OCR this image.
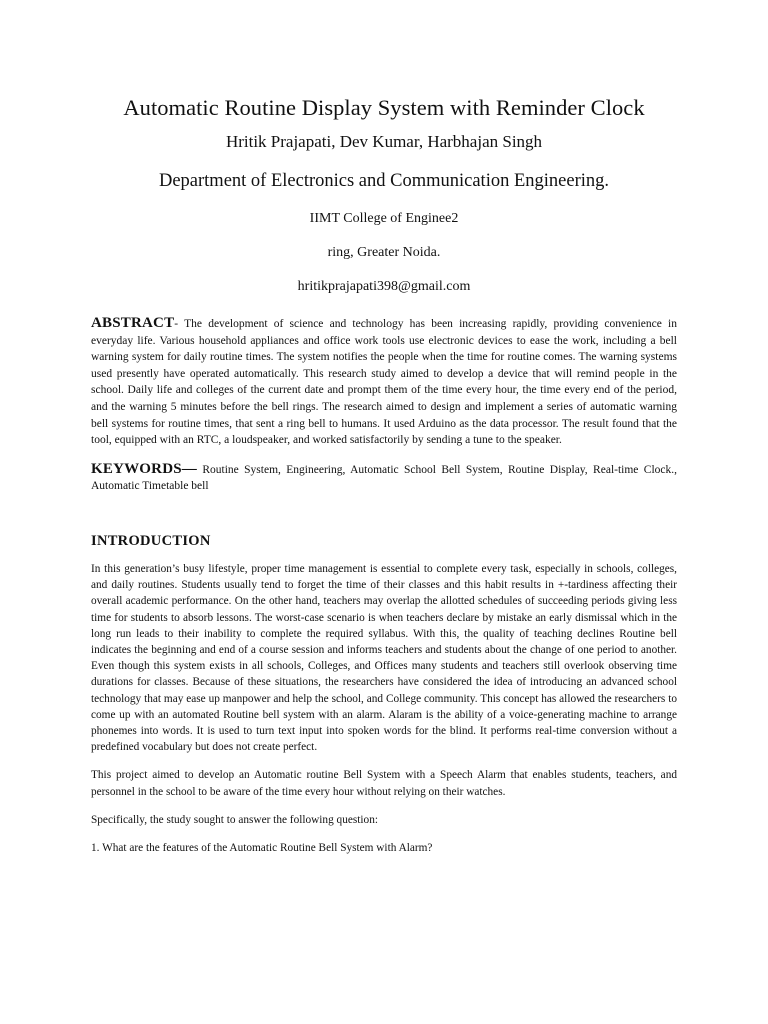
Automatic Routine Display System with Reminder Clock

Hritik Prajapati, Dev Kumar, Harbhajan Singh

Department of Electronics and Communication Engineering.

IIMT College of Enginee2

ring, Greater Noida.

hritikprajapati398@gmail.com

ABSTRACT- The development of science and technology has been increasing rapidly, providing convenience in everyday life. Various household appliances and office work tools use electronic devices to ease the work, including a bell warning system for daily routine times. The system notifies the people when the time for routine comes. The warning systems used presently have operated automatically. This research study aimed to develop a device that will remind people in the school. Daily life and colleges of the current date and prompt them of the time every hour, the time every end of the period, and the warning 5 minutes before the bell rings. The research aimed to design and implement a series of automatic warning bell systems for routine times, that sent a ring bell to humans. It used Arduino as the data processor. The result found that the tool, equipped with an RTC, a loudspeaker, and worked satisfactorily by sending a tune to the speaker.

KEYWORDS— Routine System, Engineering, Automatic School Bell System, Routine Display, Real-time Clock., Automatic Timetable bell

INTRODUCTION

In this generation’s busy lifestyle, proper time management is essential to complete every task, especially in schools, colleges, and daily routines. Students usually tend to forget the time of their classes and this habit results in +-tardiness affecting their overall academic performance. On the other hand, teachers may overlap the allotted schedules of succeeding periods giving less time for students to absorb lessons. The worst-case scenario is when teachers declare by mistake an early dismissal which in the long run leads to their inability to complete the required syllabus. With this, the quality of teaching declines Routine bell indicates the beginning and end of a course session and informs teachers and students about the change of one period to another. Even though this system exists in all schools, Colleges, and Offices many students and teachers still overlook observing time durations for classes. Because of these situations, the researchers have considered the idea of introducing an advanced school technology that may ease up manpower and help the school, and College community. This concept has allowed the researchers to come up with an automated Routine bell system with an alarm. Alaram is the ability of a voice-generating machine to arrange phonemes into words. It is used to turn text input into spoken words for the blind. It performs real-time conversion without a predefined vocabulary but does not create perfect.

This project aimed to develop an Automatic routine Bell System with a Speech Alarm that enables students, teachers, and personnel in the school to be aware of the time every hour without relying on their watches.

Specifically, the study sought to answer the following question:

1. What are the features of the Automatic Routine Bell System with Alarm?
